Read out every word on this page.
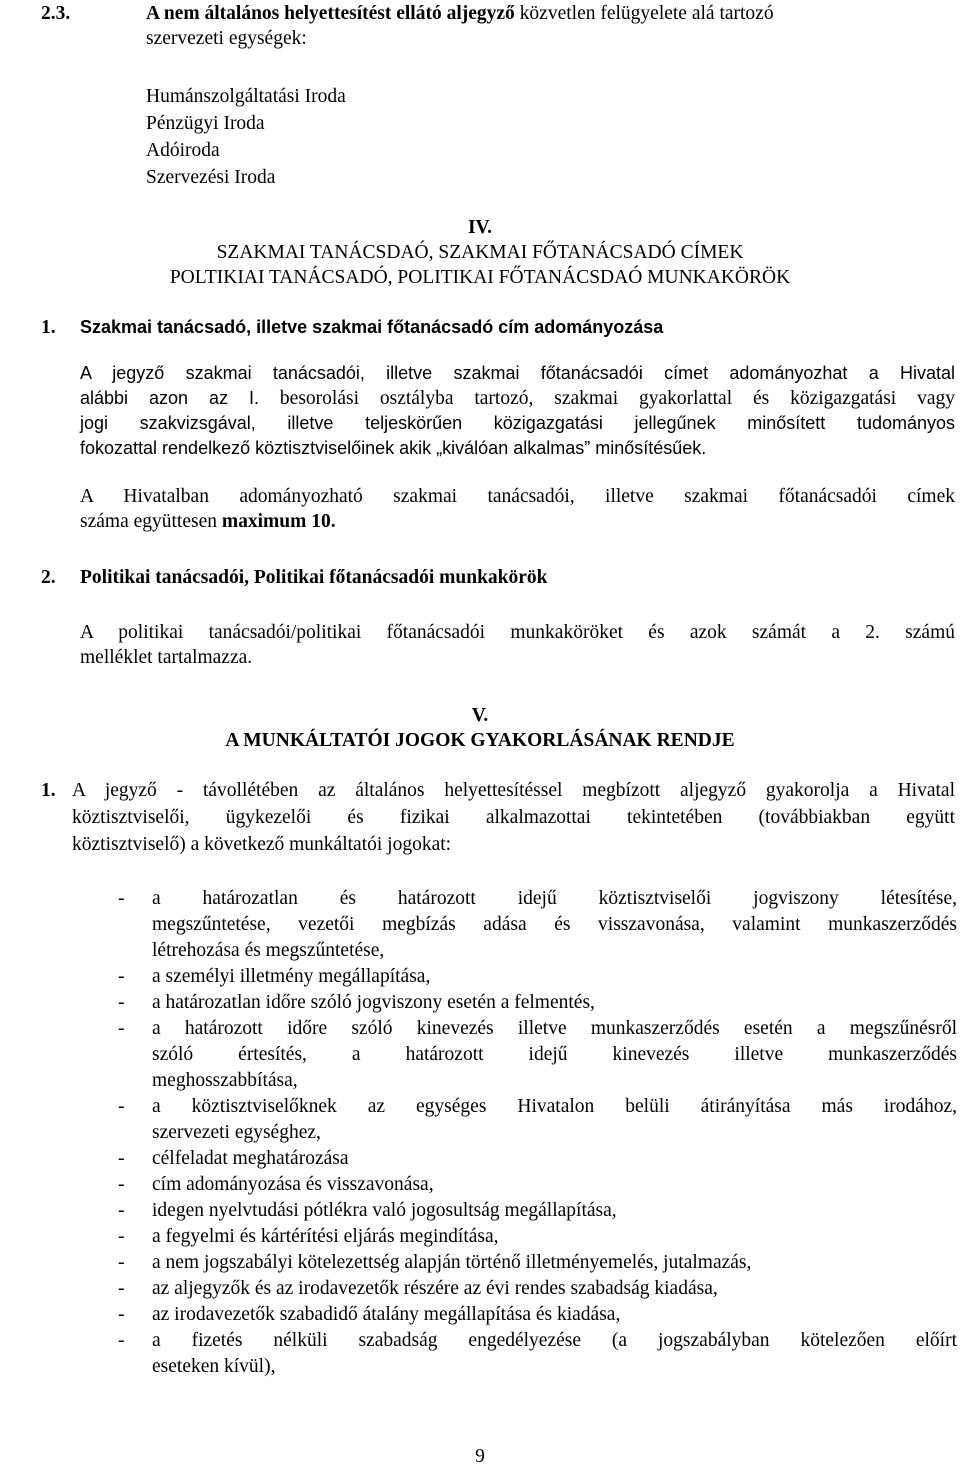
2.3.	A nem általános helyettesítést ellátó aljegyző közvetlen felügyelete alá tartozó
szervezeti egységek:
Humánszolgáltatási Iroda
Pénzügyi Iroda
Adóiroda
Szervezési Iroda
IV.
SZAKMAI TANÁCSDAÓ, SZAKMAI FŐTANÁCSADÓ CÍMEK
POLTIKIAI TANÁCSADÓ, POLITIKAI FŐTANÁCSDAÓ MUNKAKÖRÖK
1. Szakmai tanácsadó, illetve szakmai főtanácsadó cím adományozása
A jegyző szakmai tanácsadói, illetve szakmai főtanácsadói címet adományozhat a Hivatal
alábbi azon az I. besorolási osztályba tartozó, szakmai gyakorlattal és közigazgatási vagy
jogi szakvizsgával, illetve teljeskörűen közigazgatási jellegűnek minősített tudományos
fokozattal rendelkező köztisztviselőinek akik „kiválóan alkalmas” minősítésűek.
A Hivatalban adományozható szakmai tanácsadói, illetve szakmai főtanácsadói címek
száma együttesen maximum 10.
2. Politikai tanácsadói, Politikai főtanácsadói munkakörök
A politikai tanácsadói/politikai főtanácsadói munkaköröket és azok számát a 2. számú
melléklet tartalmazza.
V.
A MUNKÁLTATÓI JOGOK GYAKORLÁSÁNAK RENDJE
1. A jegyző - távollétében az általános helyettesítéssel megbízott aljegyző gyakorolja a Hivatal
köztisztviselői, ügykezelői és fizikai alkalmazottai tekintetében (továbbiakban együtt
köztisztviselő) a következő munkáltatói jogokat:
- a határozatlan és határozott idejű köztisztviselői jogviszony létesítése,
megszűntetése, vezetői megbízás adása és visszavonása, valamint munkaszerződés
létrehozása és megszűntetése,
- a személyi illetmény megállapítása,
- a határozatlan időre szóló jogviszony esetén a felmentés,
- a határozott időre szóló kinevezés illetve munkaszerződés esetén a megszűnésről
szóló értesítés, a határozott idejű kinevezés illetve munkaszerződés
meghosszabbítása,
- a köztisztviselőknek az egységes Hivatalon belüli átirányítása más irodához,
szervezeti egységhez,
- célfeladat meghatározása
- cím adományozása és visszavonása,
- idegen nyelvtudási pótlékra való jogosultság megállapítása,
- a fegyelmi és kártérítési eljárás megindítása,
- a nem jogszabályi kötelezettség alapján történő illetményemelés, jutalmazás,
- az aljegyzők és az irodavezetők részére az évi rendes szabadság kiadása,
- az irodavezetők szabadidő átalány megállapítása és kiadása,
- a fizetés nélküli szabadság engedélyezése (a jogszabályban kötelezően előírt
eseteken kívül),
9
